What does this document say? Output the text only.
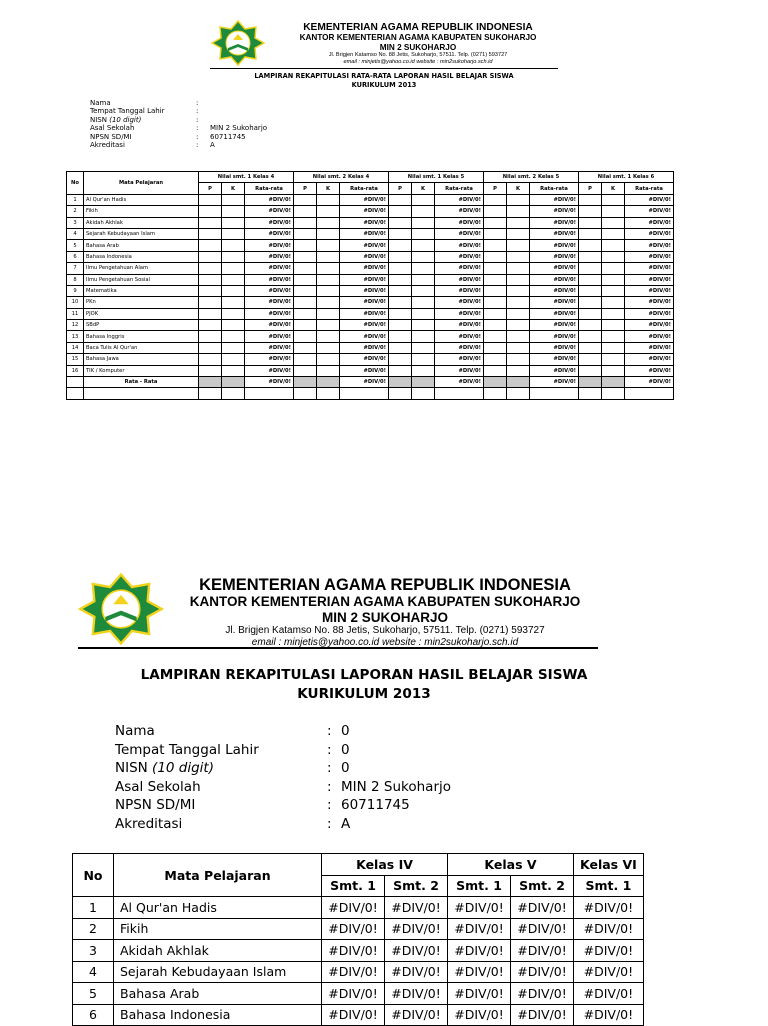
KEMENTERIAN AGAMA REPUBLIK INDONESIA
KANTOR KEMENTERIAN AGAMA KABUPATEN SUKOHARJO
MIN 2 SUKOHARJO
Jl. Brigjen Katamso No. 88 Jetis, Sukoharjo, 57511. Telp. (0271) 593727
email : minjetis@yahoo.co.id website : min2sukoharjo.sch.id
LAMPIRAN REKAPITULASI RATA-RATA LAPORAN HASIL BELAJAR SISWA
KURIKULUM 2013
Nama	:
Tempat Tanggal Lahir	:
NISN (10 digit)	:
Asal Sekolah	:	MIN 2 Sukoharjo
NPSN SD/MI	:	60711745
Akreditasi	:	A
No	Mata Pelajaran	Nilai smt. 1 Kelas 4			Nilai smt. 2 Kelas 4			Nilai smt. 1 Kelas 5			Nilai smt. 2 Kelas 5			Nilai smt. 1 Kelas 6		
		P	K	Rata-rata	P	K	Rata-rata	P	K	Rata-rata	P	K	Rata-rata	P	K	Rata-rata
1	Al Qur'an Hadis			#DIV/0!			#DIV/0!			#DIV/0!			#DIV/0!			#DIV/0!
2	Fikih			#DIV/0!			#DIV/0!			#DIV/0!			#DIV/0!			#DIV/0!
3	Akidah Akhlak			#DIV/0!			#DIV/0!			#DIV/0!			#DIV/0!			#DIV/0!
4	Sejarah Kebudayaan Islam			#DIV/0!			#DIV/0!			#DIV/0!			#DIV/0!			#DIV/0!
5	Bahasa Arab			#DIV/0!			#DIV/0!			#DIV/0!			#DIV/0!			#DIV/0!
6	Bahasa Indonesia			#DIV/0!			#DIV/0!			#DIV/0!			#DIV/0!			#DIV/0!
7	Ilmu Pengetahuan Alam			#DIV/0!			#DIV/0!			#DIV/0!			#DIV/0!			#DIV/0!
8	Ilmu Pengetahuan Sosial			#DIV/0!			#DIV/0!			#DIV/0!			#DIV/0!			#DIV/0!
9	Matematika			#DIV/0!			#DIV/0!			#DIV/0!			#DIV/0!			#DIV/0!
10	PKn			#DIV/0!			#DIV/0!			#DIV/0!			#DIV/0!			#DIV/0!
11	PJOK			#DIV/0!			#DIV/0!			#DIV/0!			#DIV/0!			#DIV/0!
12	SBdP			#DIV/0!			#DIV/0!			#DIV/0!			#DIV/0!			#DIV/0!
13	Bahasa Inggris			#DIV/0!			#DIV/0!			#DIV/0!			#DIV/0!			#DIV/0!
14	Baca Tulis Al Qur'an			#DIV/0!			#DIV/0!			#DIV/0!			#DIV/0!			#DIV/0!
15	Bahasa Jawa			#DIV/0!			#DIV/0!			#DIV/0!			#DIV/0!			#DIV/0!
16	TIK / Komputer			#DIV/0!			#DIV/0!			#DIV/0!			#DIV/0!			#DIV/0!
	Rata - Rata			#DIV/0!			#DIV/0!			#DIV/0!			#DIV/0!			#DIV/0!

KEMENTERIAN AGAMA REPUBLIK INDONESIA
KANTOR KEMENTERIAN AGAMA KABUPATEN SUKOHARJO
MIN 2 SUKOHARJO
Jl. Brigjen Katamso No. 88 Jetis, Sukoharjo, 57511. Telp. (0271) 593727
email : minjetis@yahoo.co.id website : min2sukoharjo.sch.id
LAMPIRAN REKAPITULASI LAPORAN HASIL BELAJAR SISWA
KURIKULUM 2013
Nama	: 0
Tempat Tanggal Lahir	: 0
NISN (10 digit)	: 0
Asal Sekolah	: MIN 2 Sukoharjo
NPSN SD/MI	: 60711745
Akreditasi	: A
No	Mata Pelajaran	Kelas IV		Kelas V		Kelas VI
		Smt. 1	Smt. 2	Smt. 1	Smt. 2	Smt. 1
1	Al Qur'an Hadis	#DIV/0!	#DIV/0!	#DIV/0!	#DIV/0!	#DIV/0!
2	Fikih	#DIV/0!	#DIV/0!	#DIV/0!	#DIV/0!	#DIV/0!
3	Akidah Akhlak	#DIV/0!	#DIV/0!	#DIV/0!	#DIV/0!	#DIV/0!
4	Sejarah Kebudayaan Islam	#DIV/0!	#DIV/0!	#DIV/0!	#DIV/0!	#DIV/0!
5	Bahasa Arab	#DIV/0!	#DIV/0!	#DIV/0!	#DIV/0!	#DIV/0!
6	Bahasa Indonesia	#DIV/0!	#DIV/0!	#DIV/0!	#DIV/0!	#DIV/0!
